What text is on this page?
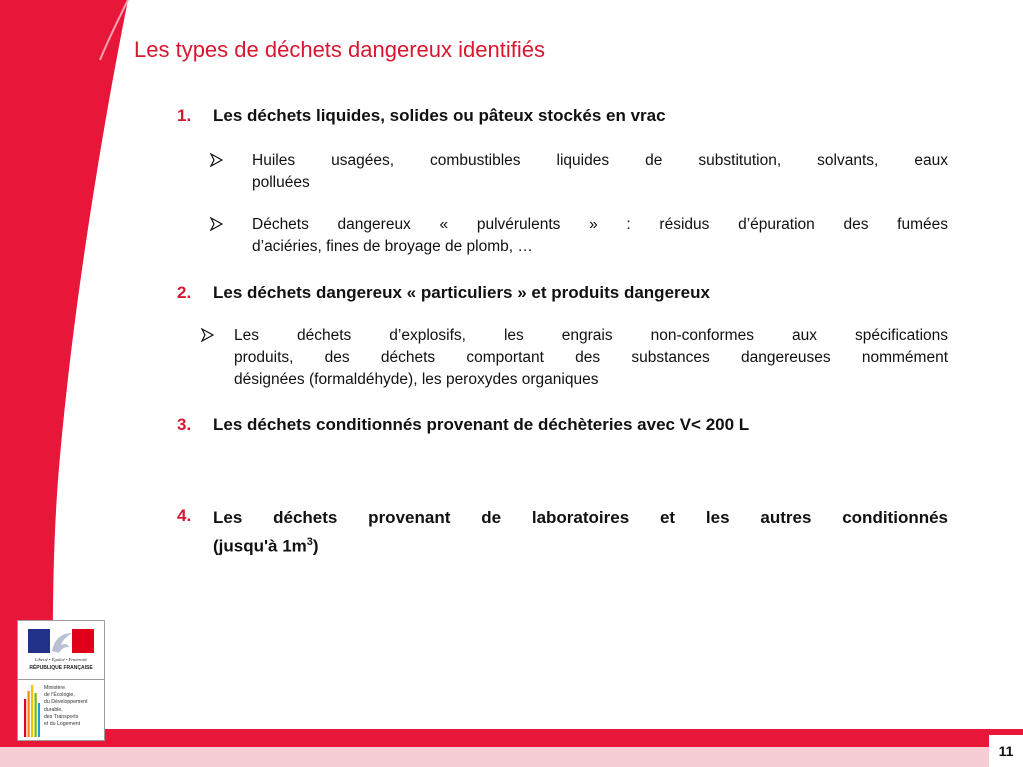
11
Liberté • Égalité • Fraternité
RÉPUBLIQUE FRANÇAISE
Ministère
de l'Écologie,
du Développement
durable,
des Transports
et du Logement
Les types de déchets dangereux identifiés
1. Les déchets liquides, solides ou pâteux stockés en vrac
Huiles usagées, combustibles liquides de substitution, solvants, eaux
polluées
Déchets dangereux « pulvérulents » : résidus d’épuration des fumées
d’aciéries, fines de broyage de plomb, …
2. Les déchets dangereux « particuliers » et produits dangereux
Les déchets d’explosifs, les engrais non-conformes aux spécifications
produits, des déchets comportant des substances dangereuses nommément
désignées (formaldéhyde), les peroxydes organiques
3. Les déchets conditionnés provenant de déchèteries avec V< 200 L
4. Les déchets provenant de laboratoires et les autres conditionnés
(jusqu'à $1m^3$)
